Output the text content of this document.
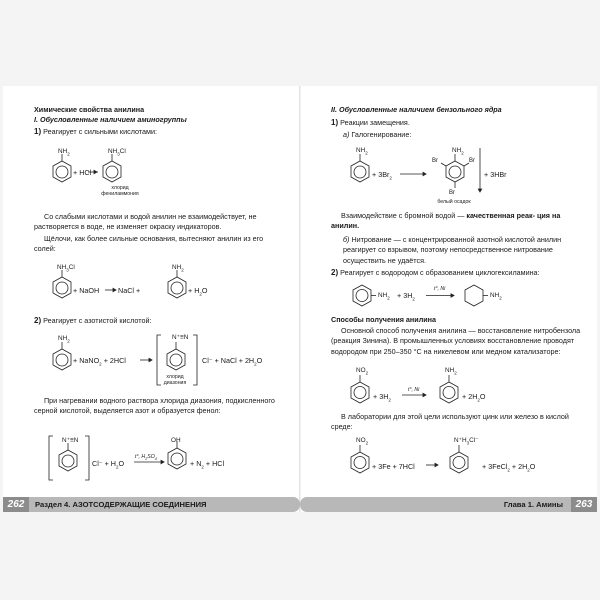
Химические свойства анилина
I. Обусловленные наличием аминогруппы
1) Реагирует с сильными кислотами:
$NH_2$
+ HCl
$NH_3Cl$
хлорид
фениламмония
Со слабыми кислотами и водой анилин не взаимодействует, не растворяется в воде, не изменяет окраску индикаторов.
Щёлочи, как более сильные основания, вытесняют анилин из его солей:
$NH_3Cl$
+ NaOH	NaCl +
$NH_2$
+ $H_2O$
2) Реагирует с азотистой кислотой:
$NH_2$
+ NaNO$_2$ + 2HCl
N⁺≡N
Cl⁻ + NaCl + $2H_2O$
хлорид
диазония
При нагревании водного раствора хлорида диазония, подкисленного серной кислотой, выделяется азот и образуется фенол:
N⁺≡N
$Cl^- + H_2O$
t°, $H_2SO_4$
OH
+ $N_2$ + HCl
II. Обусловленные наличием бензольного ядра
1) Реакции замещения.
а) Галогенирование:
$NH_2$
+ $3Br_2$
$NH_2$
Br	Br
Br
+ 3HBr
белый осадок
Взаимодействие с бромной водой — качественная реак- ция на анилин.
б) Нитрование — с концентрированной азотной кислотой анилин реагирует со взрывом, поэтому непосредственное нитрование осуществить не удаётся.
2) Реагирует с водородом с образованием циклогексиламина:
$NH_2 + 3H_2$
t°, Ni
$NH_2$
Способы получения анилина
Основной способ получения анилина — восстановление нитробензола (реакция Зинина). В промышленных условиях восстановление проводят водородом при 250–350 °С на никелевом или медном катализаторе:
$NO_2$
+ $3H_2$
t°, Ni
$NH_2$
+ $2H_2O$
В лаборатории для этой цели используют цинк или железо в кислой среде:
$NO_2$
+ 3Fe + 7HCl
$N^+H_3Cl^-$
+ 3FeCl$_2$ + $2H_2O$
262	Раздел 4. АЗОТСОДЕРЖАЩИЕ СОЕДИНЕНИЯ	Глава 1. Амины	263
